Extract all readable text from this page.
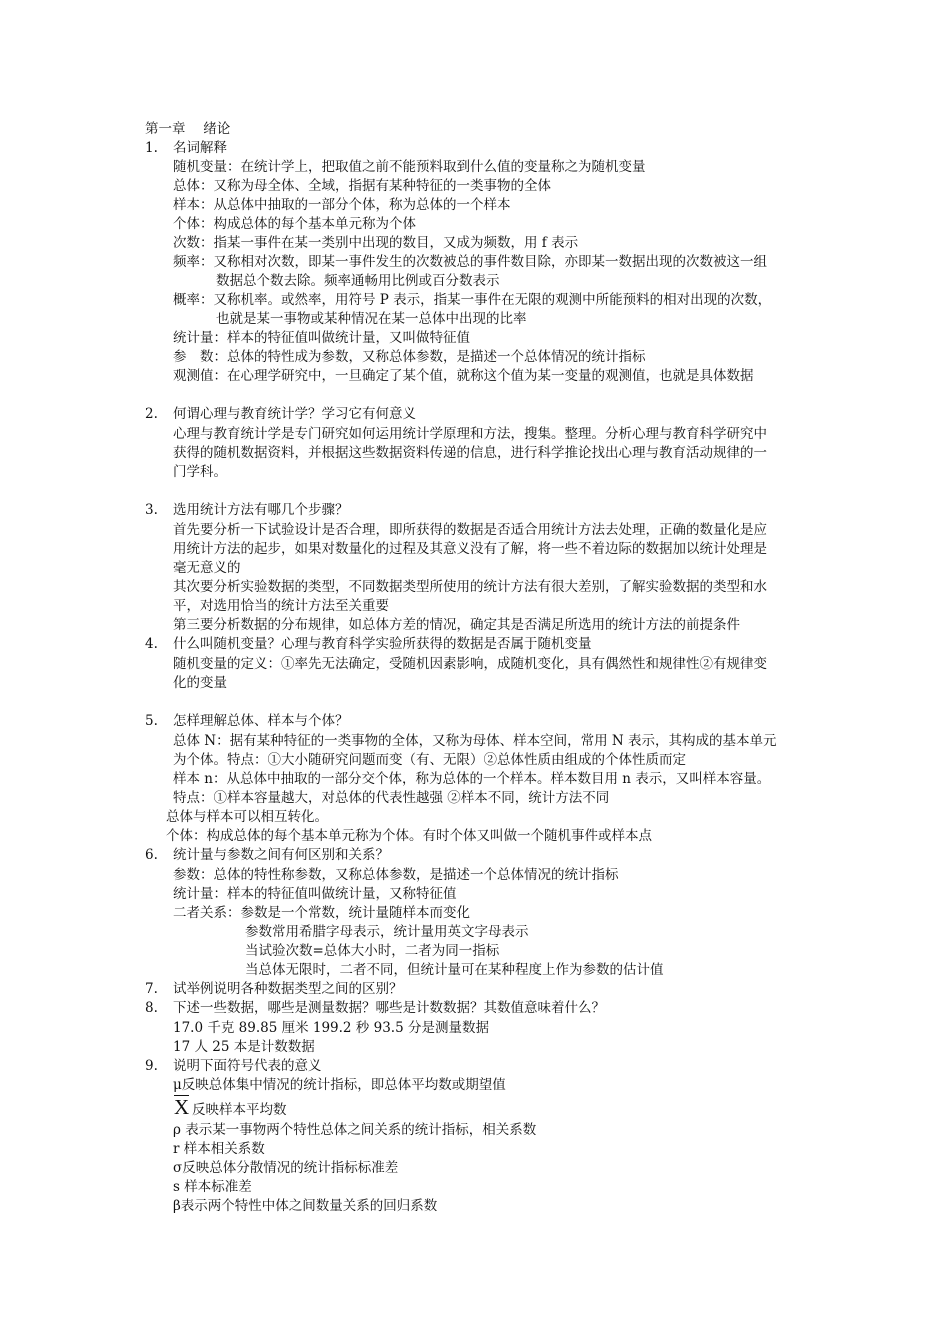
第一章　 绪论
1. 名词解释
随机变量：在统计学上，把取值之前不能预料取到什么值的变量称之为随机变量
总体：又称为母全体、全域，指据有某种特征的一类事物的全体
样本：从总体中抽取的一部分个体，称为总体的一个样本
个体：构成总体的每个基本单元称为个体
次数：指某一事件在某一类别中出现的数目，又成为频数，用 f 表示
频率：又称相对次数，即某一事件发生的次数被总的事件数目除，亦即某一数据出现的次数被这一组
数据总个数去除。频率通畅用比例或百分数表示
概率：又称机率。或然率，用符号 P 表示，指某一事件在无限的观测中所能预料的相对出现的次数，
也就是某一事物或某种情况在某一总体中出现的比率
统计量：样本的特征值叫做统计量，又叫做特征值
参　数：总体的特性成为参数，又称总体参数，是描述一个总体情况的统计指标
观测值：在心理学研究中，一旦确定了某个值，就称这个值为某一变量的观测值，也就是具体数据
2. 何谓心理与教育统计学？学习它有何意义
心理与教育统计学是专门研究如何运用统计学原理和方法，搜集。整理。分析心理与教育科学研究中
获得的随机数据资料，并根据这些数据资料传递的信息，进行科学推论找出心理与教育活动规律的一
门学科。
3. 选用统计方法有哪几个步骤？
首先要分析一下试验设计是否合理，即所获得的数据是否适合用统计方法去处理，正确的数量化是应
用统计方法的起步，如果对数量化的过程及其意义没有了解，将一些不着边际的数据加以统计处理是
毫无意义的
其次要分析实验数据的类型，不同数据类型所使用的统计方法有很大差别，了解实验数据的类型和水
平，对选用恰当的统计方法至关重要
第三要分析数据的分布规律，如总体方差的情况，确定其是否满足所选用的统计方法的前提条件
4. 什么叫随机变量？心理与教育科学实验所获得的数据是否属于随机变量
随机变量的定义：①率先无法确定，受随机因素影响，成随机变化，具有偶然性和规律性②有规律变
化的变量
5. 怎样理解总体、样本与个体？
总体 N：据有某种特征的一类事物的全体，又称为母体、样本空间，常用 N 表示，其构成的基本单元
为个体。特点：①大小随研究问题而变（有、无限）②总体性质由组成的个体性质而定
样本 n：从总体中抽取的一部分交个体，称为总体的一个样本。样本数目用 n 表示，又叫样本容量。
特点：①样本容量越大，对总体的代表性越强 ②样本不同，统计方法不同
总体与样本可以相互转化。
个体：构成总体的每个基本单元称为个体。有时个体又叫做一个随机事件或样本点
6. 统计量与参数之间有何区别和关系？
参数：总体的特性称参数，又称总体参数，是描述一个总体情况的统计指标
统计量：样本的特征值叫做统计量，又称特征值
二者关系：参数是一个常数，统计量随样本而变化
参数常用希腊字母表示，统计量用英文字母表示
当试验次数=总体大小时，二者为同一指标
当总体无限时，二者不同，但统计量可在某种程度上作为参数的估计值
7. 试举例说明各种数据类型之间的区别？
8. 下述一些数据，哪些是测量数据？哪些是计数数据？其数值意味着什么？
17.0 千克 89.85 厘米 199.2 秒 93.5 分是测量数据
17 人 25 本是计数数据
9. 说明下面符号代表的意义
μ反映总体集中情况的统计指标，即总体平均数或期望值
X 反映样本平均数
ρ 表示某一事物两个特性总体之间关系的统计指标，相关系数
r 样本相关系数
σ反映总体分散情况的统计指标标准差
s 样本标准差
β表示两个特性中体之间数量关系的回归系数
